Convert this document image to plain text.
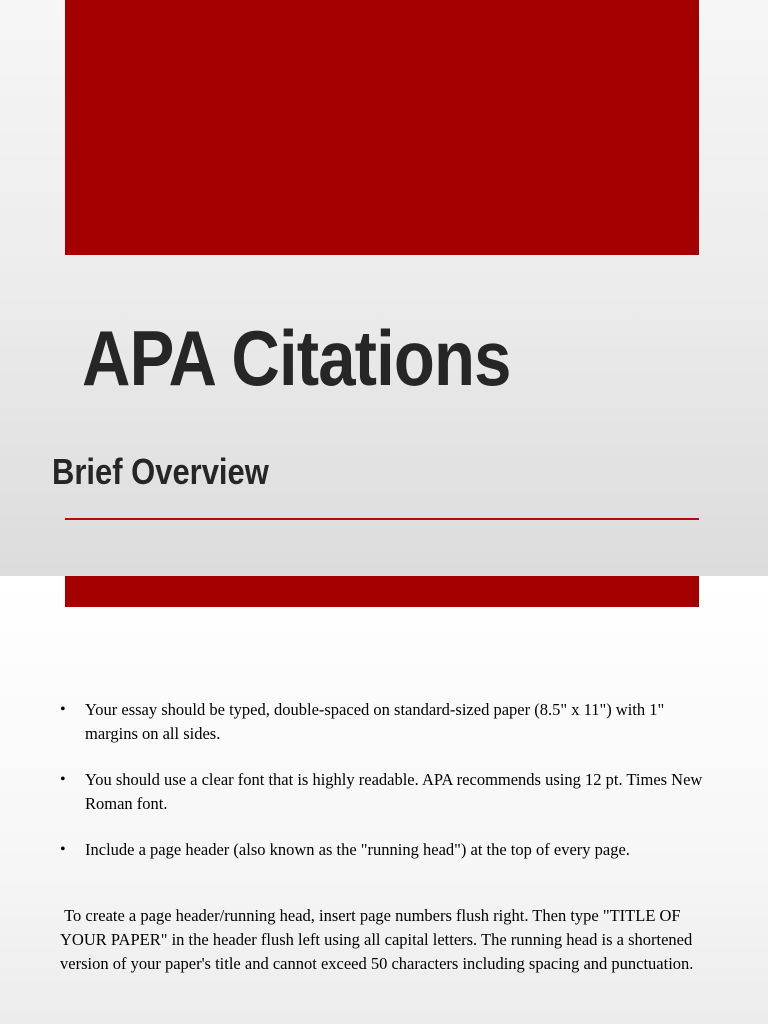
APA Citations
Brief Overview
• Your essay should be typed, double-spaced on standard-sized paper (8.5" x 11") with 1" margins on all sides.
• You should use a clear font that is highly readable. APA recommends using 12 pt. Times New Roman font.
• Include a page header (also known as the "running head") at the top of every page.

To create a page header/running head, insert page numbers flush right. Then type "TITLE OF YOUR PAPER" in the header flush left using all capital letters. The running head is a shortened version of your paper's title and cannot exceed 50 characters including spacing and punctuation.
